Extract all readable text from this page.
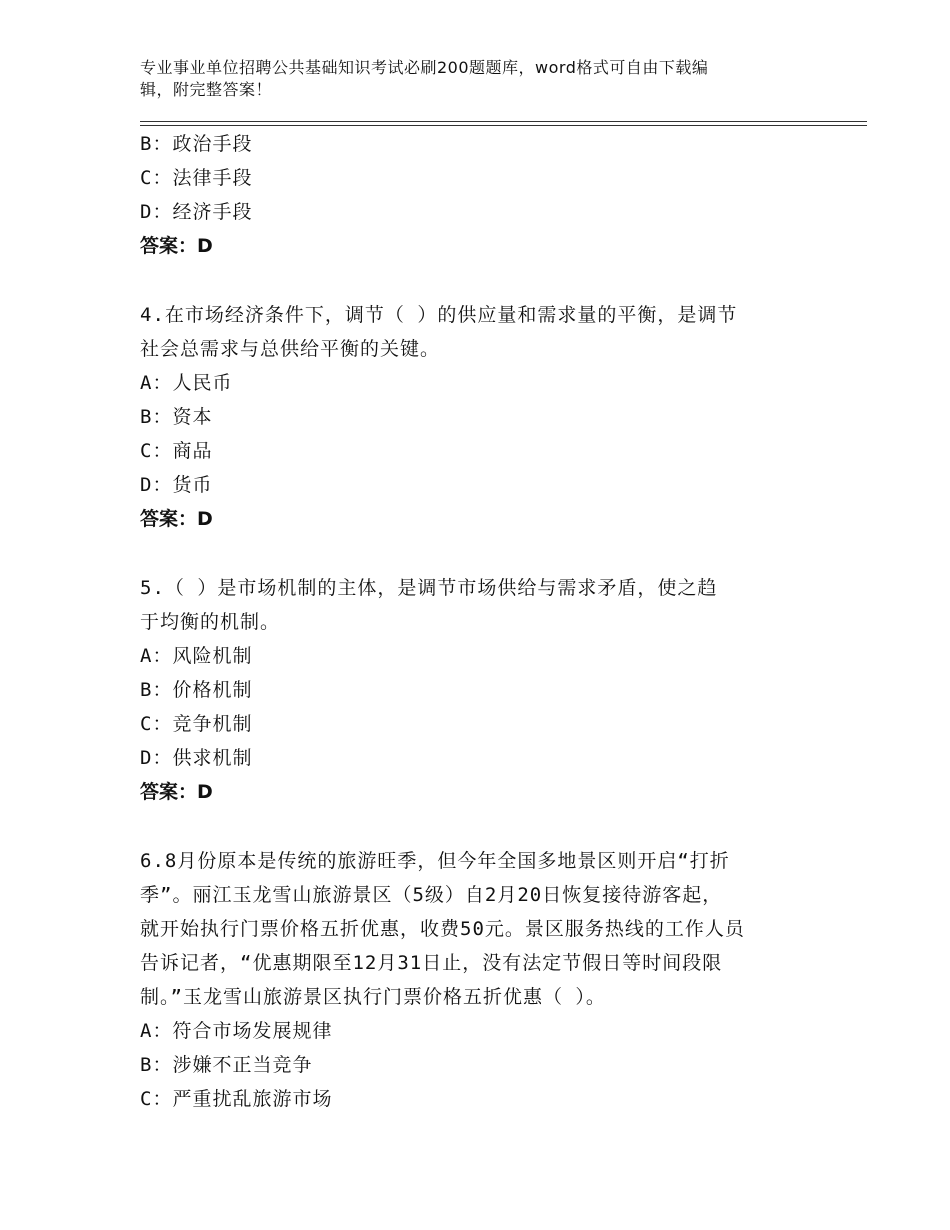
专业事业单位招聘公共基础知识考试必刷200题题库，word格式可自由下载编
辑，附完整答案！
B：政治手段
C：法律手段
D：经济手段
答案：D
4.在市场经济条件下，调节（ ）的供应量和需求量的平衡，是调节
社会总需求与总供给平衡的关键。
A：人民币
B：资本
C：商品
D：货币
答案：D
5.（ ）是市场机制的主体，是调节市场供给与需求矛盾，使之趋
于均衡的机制。
A：风险机制
B：价格机制
C：竞争机制
D：供求机制
答案：D
6.8月份原本是传统的旅游旺季，但今年全国多地景区则开启“打折
季”。丽江玉龙雪山旅游景区（5级）自2月20日恢复接待游客起，
就开始执行门票价格五折优惠，收费50元。景区服务热线的工作人员
告诉记者，“优惠期限至12月31日止，没有法定节假日等时间段限
制。”玉龙雪山旅游景区执行门票价格五折优惠（ ）。
A：符合市场发展规律
B：涉嫌不正当竞争
C：严重扰乱旅游市场
